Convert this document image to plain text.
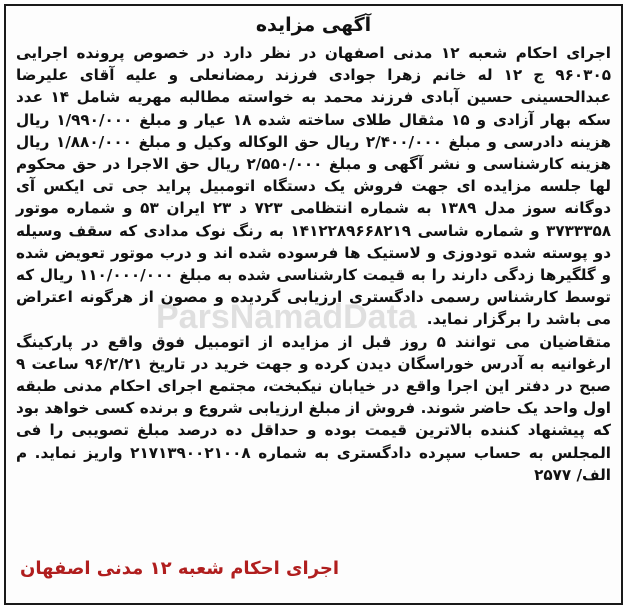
آگهی مزایده

اجرای احکام شعبه ۱۲ مدنی اصفهان در نظر دارد در خصوص پرونده اجرایی ۹۶۰۳۰۵ ج ۱۲ له خانم زهرا جوادی فرزند رمضانعلی و علیه آقای علیرضا عبدالحسینی حسین آبادی فرزند محمد به خواسته مطالبه مهریه شامل ۱۴ عدد سکه بهار آزادی و ۱۵ مثقال طلای ساخته شده ۱۸ عیار و مبلغ ۱/۹۹۰/۰۰۰ ریال هزینه دادرسی و مبلغ ۲/۴۰۰/۰۰۰ ریال حق الوکاله وکیل و مبلغ ۱/۸۸۰/۰۰۰ ریال هزینه کارشناسی و نشر آگهی و مبلغ ۲/۵۵۰/۰۰۰ ریال حق الاجرا در حق محکوم لها جلسه مزایده ای جهت فروش یک دستگاه اتومبیل پراید جی تی ایکس آی دوگانه سوز مدل ۱۳۸۹ به شماره انتظامی ۷۲۳ د ۲۳ ایران ۵۳ و شماره موتور ۳۷۳۳۳۵۸ و شماره شاسی ۱۴۱۲۲۸۹۶۶۸۲۱۹ به رنگ نوک مدادی که سقف وسیله دو پوسته شده تودوزی و لاستیک ها فرسوده شده اند و درب موتور تعویض شده و گلگیرها زدگی دارند را به قیمت کارشناسی شده به مبلغ ۱۱۰/۰۰۰/۰۰۰ ریال که توسط کارشناس رسمی دادگستری ارزیابی گردیده و مصون از هرگونه اعتراض می باشد را برگزار نماید.

متقاضیان می توانند ۵ روز قبل از مزایده از اتومبیل فوق واقع در پارکینگ ارغوانیه به آدرس خوراسگان دیدن کرده و جهت خرید در تاریخ ۹۶/۲/۲۱ ساعت ۹ صبح در دفتر این اجرا واقع در خیابان نیکبخت، مجتمع اجرای احکام مدنی طبقه اول واحد یک حاضر شوند. فروش از مبلغ ارزیابی شروع و برنده کسی خواهد بود که پیشنهاد کننده بالاترین قیمت بوده و حداقل ده درصد مبلغ تصویبی را فی المجلس به حساب سپرده دادگستری به شماره ۲۱۷۱۳۹۰۰۲۱۰۰۸ واریز نماید. م الف/ ۲۵۷۷

ParsNamadData
اجرای احکام شعبه ۱۲ مدنی اصفهان
